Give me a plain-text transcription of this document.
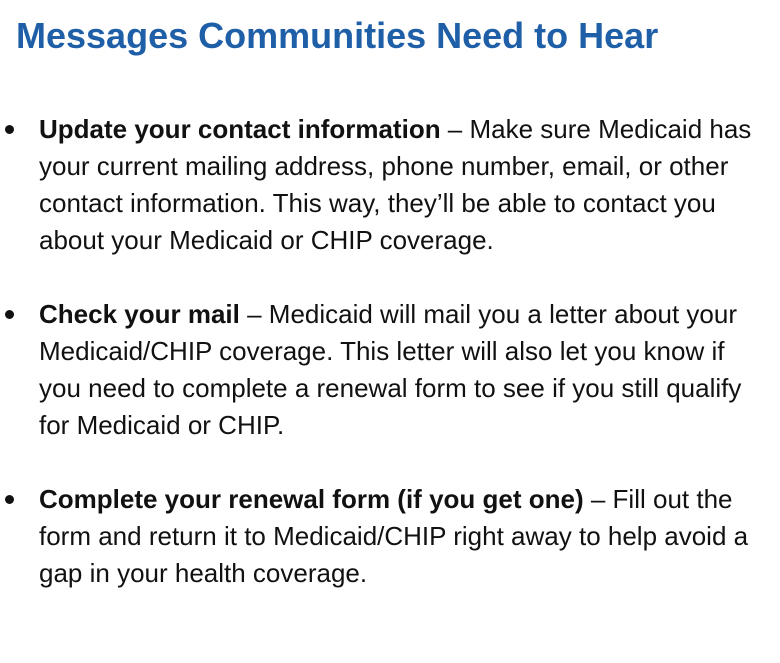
Messages Communities Need to Hear
Update your contact information – Make sure Medicaid has your current mailing address, phone number, email, or other contact information. This way, they’ll be able to contact you about your Medicaid or CHIP coverage.
Check your mail – Medicaid will mail you a letter about your Medicaid/CHIP coverage. This letter will also let you know if you need to complete a renewal form to see if you still qualify for Medicaid or CHIP.
Complete your renewal form (if you get one) – Fill out the form and return it to Medicaid/CHIP right away to help avoid a gap in your health coverage.
